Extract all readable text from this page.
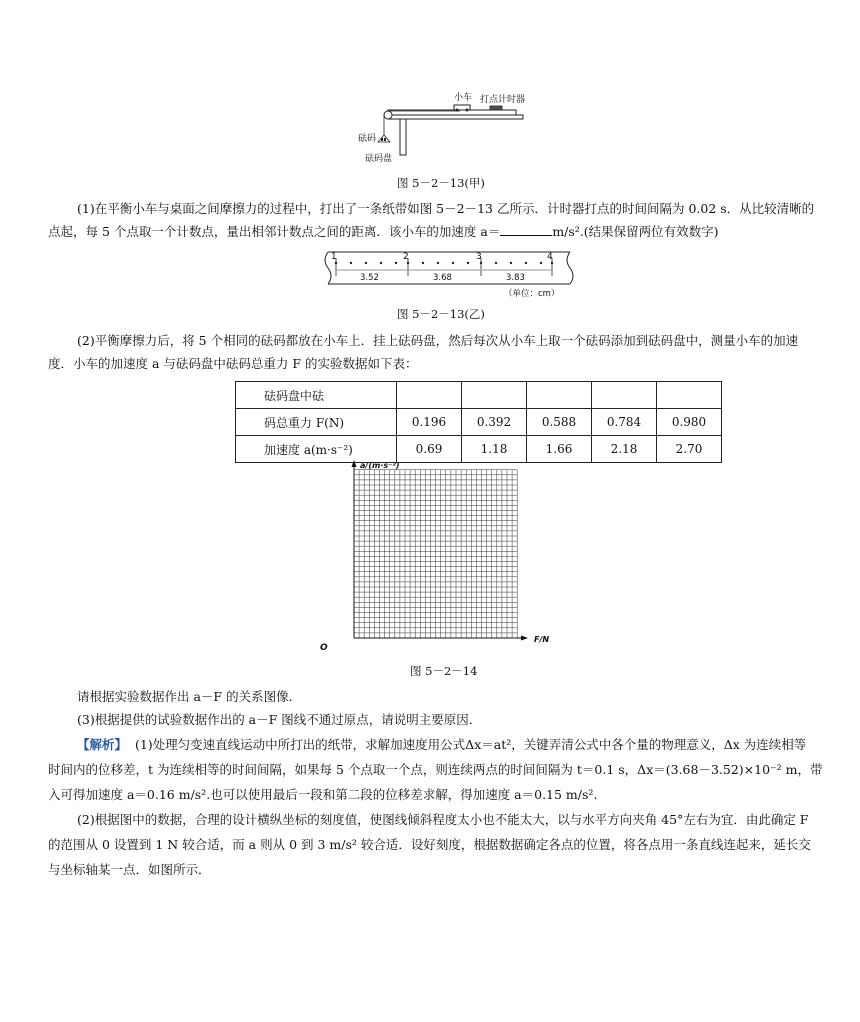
小车 打点计时器
砝码
砝码盘
图 5－2－13(甲)
(1)在平衡小车与桌面之间摩擦力的过程中，打出了一条纸带如图 5－2－13 乙所示．计时器打点的时间间隔为 0.02 s．从比较清晰的
点起，每 5 个点取一个计数点，量出相邻计数点之间的距离．该小车的加速度 a＝	m/s².(结果保留两位有效数字)
1	2	3	4
3.52	3.68	3.83
（单位：cm）
图 5－2－13(乙)
(2)平衡摩擦力后，将 5 个相同的砝码都放在小车上．挂上砝码盘，然后每次从小车上取一个砝码添加到砝码盘中，测量小车的加速
度．小车的加速度 a 与砝码盘中砝码总重力 F 的实验数据如下表：
砝码盘中砝					
码总重力 F(N)	0.196	0.392	0.588	0.784	0.980
加速度 a(m·s⁻²)	0.69	1.18	1.66	2.18	2.70
a/(m·s⁻²)
F/N
O
图 5－2－14
请根据实验数据作出 a－F 的关系图像．
(3)根据提供的试验数据作出的 a－F 图线不通过原点，请说明主要原因．
【解析】 (1)处理匀变速直线运动中所打出的纸带，求解加速度用公式Δx＝at²，关键弄清公式中各个量的物理意义，Δx 为连续相等
时间内的位移差，t 为连续相等的时间间隔，如果每 5 个点取一个点，则连续两点的时间间隔为 t＝0.1 s，Δx＝(3.68－3.52)×10⁻² m，带
入可得加速度 a＝0.16 m/s².也可以使用最后一段和第二段的位移差求解，得加速度 a＝0.15 m/s².
(2)根据图中的数据，合理的设计横纵坐标的刻度值，使图线倾斜程度太小也不能太大，以与水平方向夹角 45°左右为宜．由此确定 F
的范围从 0 设置到 1 N 较合适，而 a 则从 0 到 3 m/s² 较合适．设好刻度，根据数据确定各点的位置，将各点用一条直线连起来，延长交
与坐标轴某一点．如图所示．
